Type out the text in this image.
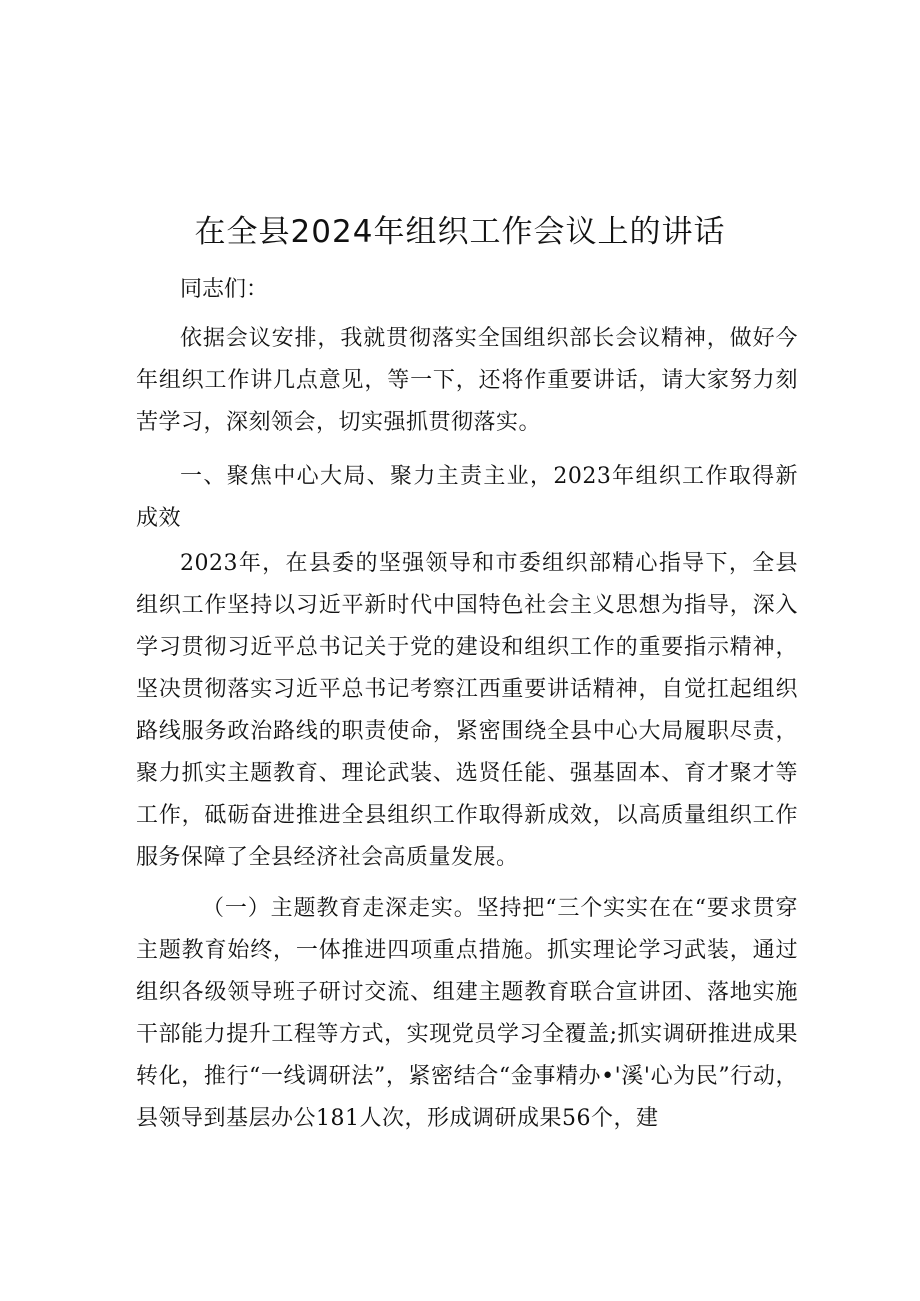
在全县2024年组织工作会议上的讲话

同志们：

依据会议安排，我就贯彻落实全国组织部长会议精神，做好今年组织工作讲几点意见，等一下，还将作重要讲话，请大家努力刻苦学习，深刻领会，切实强抓贯彻落实。

一、聚焦中心大局、聚力主责主业，2023年组织工作取得新成效

2023年，在县委的坚强领导和市委组织部精心指导下，全县组织工作坚持以习近平新时代中国特色社会主义思想为指导，深入学习贯彻习近平总书记关于党的建设和组织工作的重要指示精神，坚决贯彻落实习近平总书记考察江西重要讲话精神，自觉扛起组织路线服务政治路线的职责使命，紧密围绕全县中心大局履职尽责，聚力抓实主题教育、理论武装、选贤任能、强基固本、育才聚才等工作，砥砺奋进推进全县组织工作取得新成效，以高质量组织工作服务保障了全县经济社会高质量发展。

（一）主题教育走深走实。坚持把“三个实实在在“要求贯穿主题教育始终，一体推进四项重点措施。抓实理论学习武装，通过组织各级领导班子研讨交流、组建主题教育联合宣讲团、落地实施干部能力提升工程等方式，实现党员学习全覆盖;抓实调研推进成果转化，推行“一线调研法”，紧密结合“金事精办•'溪'心为民”行动，县领导到基层办公181人次，形成调研成果56个，建
